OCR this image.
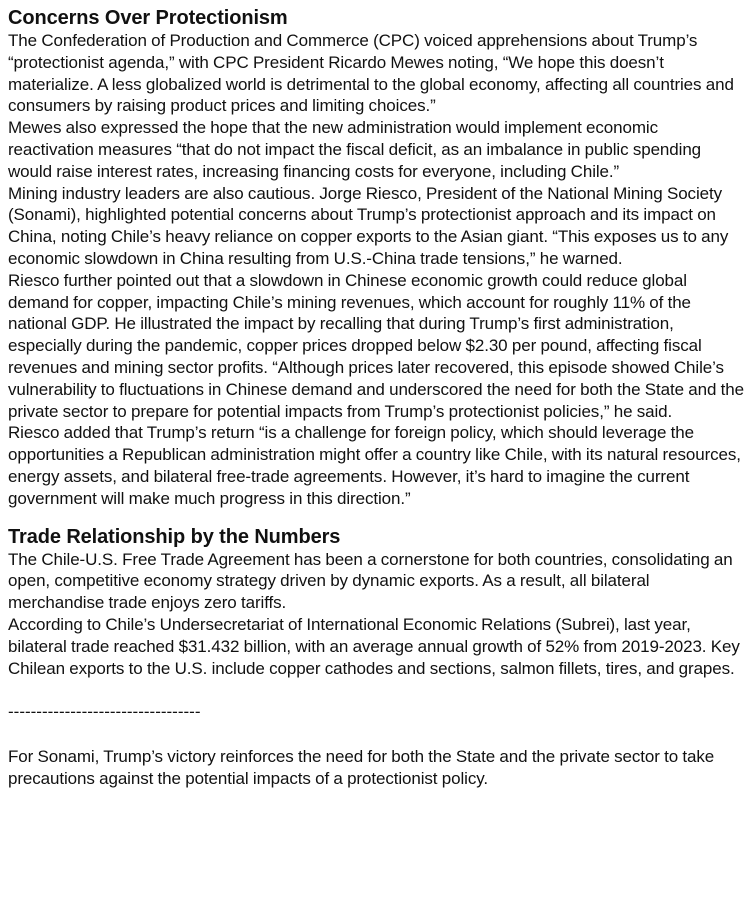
Concerns Over Protectionism

The Confederation of Production and Commerce (CPC) voiced apprehensions about Trump’s “protectionist agenda,” with CPC President Ricardo Mewes noting, “We hope this doesn’t materialize. A less globalized world is detrimental to the global economy, affecting all countries and consumers by raising product prices and limiting choices.”

Mewes also expressed the hope that the new administration would implement economic reactivation measures “that do not impact the fiscal deficit, as an imbalance in public spending would raise interest rates, increasing financing costs for everyone, including Chile.”

Mining industry leaders are also cautious. Jorge Riesco, President of the National Mining Society (Sonami), highlighted potential concerns about Trump’s protectionist approach and its impact on China, noting Chile’s heavy reliance on copper exports to the Asian giant. “This exposes us to any economic slowdown in China resulting from U.S.-China trade tensions,” he warned.

Riesco further pointed out that a slowdown in Chinese economic growth could reduce global demand for copper, impacting Chile’s mining revenues, which account for roughly 11% of the national GDP. He illustrated the impact by recalling that during Trump’s first administration, especially during the pandemic, copper prices dropped below $2.30 per pound, affecting fiscal revenues and mining sector profits. “Although prices later recovered, this episode showed Chile’s vulnerability to fluctuations in Chinese demand and underscored the need for both the State and the private sector to prepare for potential impacts from Trump’s protectionist policies,” he said.

Riesco added that Trump’s return “is a challenge for foreign policy, which should leverage the opportunities a Republican administration might offer a country like Chile, with its natural resources, energy assets, and bilateral free-trade agreements. However, it’s hard to imagine the current government will make much progress in this direction.”

Trade Relationship by the Numbers

The Chile-U.S. Free Trade Agreement has been a cornerstone for both countries, consolidating an open, competitive economy strategy driven by dynamic exports. As a result, all bilateral merchandise trade enjoys zero tariffs.

According to Chile’s Undersecretariat of International Economic Relations (Subrei), last year, bilateral trade reached $31.432 billion, with an average annual growth of 52% from 2019-2023. Key Chilean exports to the U.S. include copper cathodes and sections, salmon fillets, tires, and grapes.

----------------------------------

For Sonami, Trump’s victory reinforces the need for both the State and the private sector to take precautions against the potential impacts of a protectionist policy.
